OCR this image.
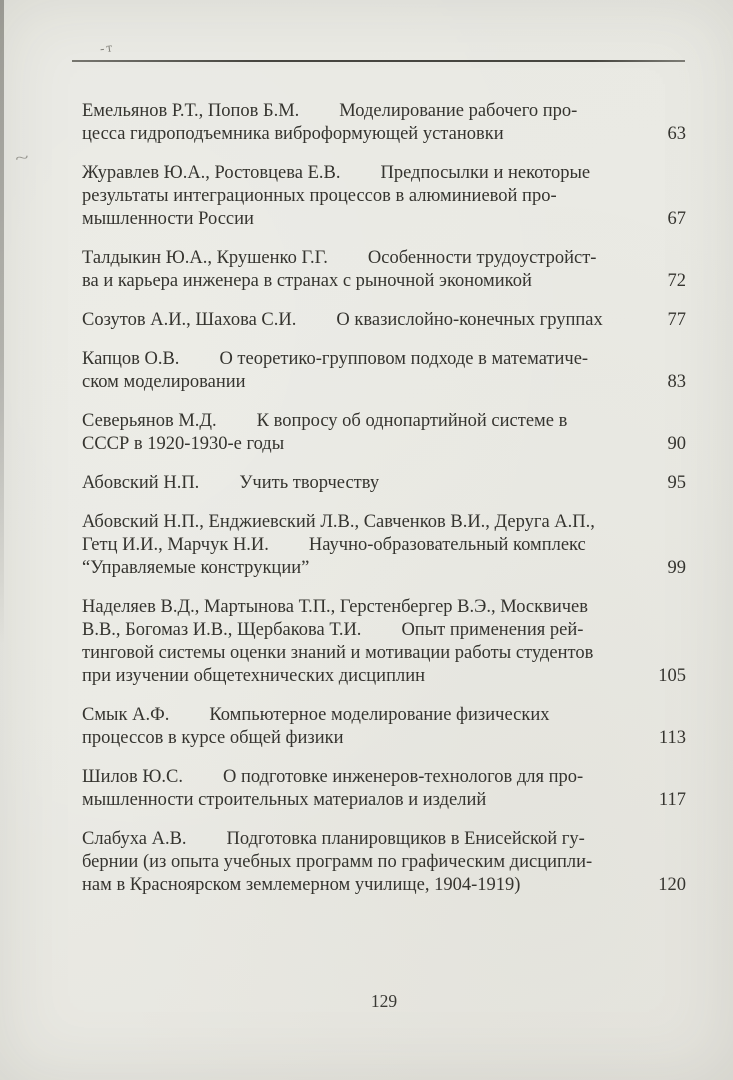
-т
~
Емельянов Р.Т., Попов Б.М. Моделирование рабочего про-
цесса гидроподъемника виброформующей установки	63
Журавлев Ю.А., Ростовцева Е.В. Предпосылки и некоторые
результаты интеграционных процессов в алюминиевой про-
мышленности России	67
Талдыкин Ю.А., Крушенко Г.Г. Особенности трудоустройст-
ва и карьера инженера в странах с рыночной экономикой	72
Созутов А.И., Шахова С.И. О квазислойно-конечных группах	77
Капцов О.В. О теоретико-групповом подходе в математиче-
ском моделировании	83
Северьянов М.Д. К вопросу об однопартийной системе в
СССР в 1920-1930-е годы	90
Абовский Н.П. Учить творчеству	95
Абовский Н.П., Енджиевский Л.В., Савченков В.И., Деруга А.П.,
Гетц И.И., Марчук Н.И. Научно-образовательный комплекс
“Управляемые конструкции”	99
Наделяев В.Д., Мартынова Т.П., Герстенбергер В.Э., Москвичев
В.В., Богомаз И.В., Щербакова Т.И. Опыт применения рей-
тинговой системы оценки знаний и мотивации работы студентов
при изучении общетехнических дисциплин	105
Смык А.Ф. Компьютерное моделирование физических
процессов в курсе общей физики	113
Шилов Ю.С. О подготовке инженеров-технологов для про-
мышленности строительных материалов и изделий	117
Слабуха А.В. Подготовка планировщиков в Енисейской гу-
бернии (из опыта учебных программ по графическим дисципли-
нам в Красноярском землемерном училище, 1904-1919)	120
129
